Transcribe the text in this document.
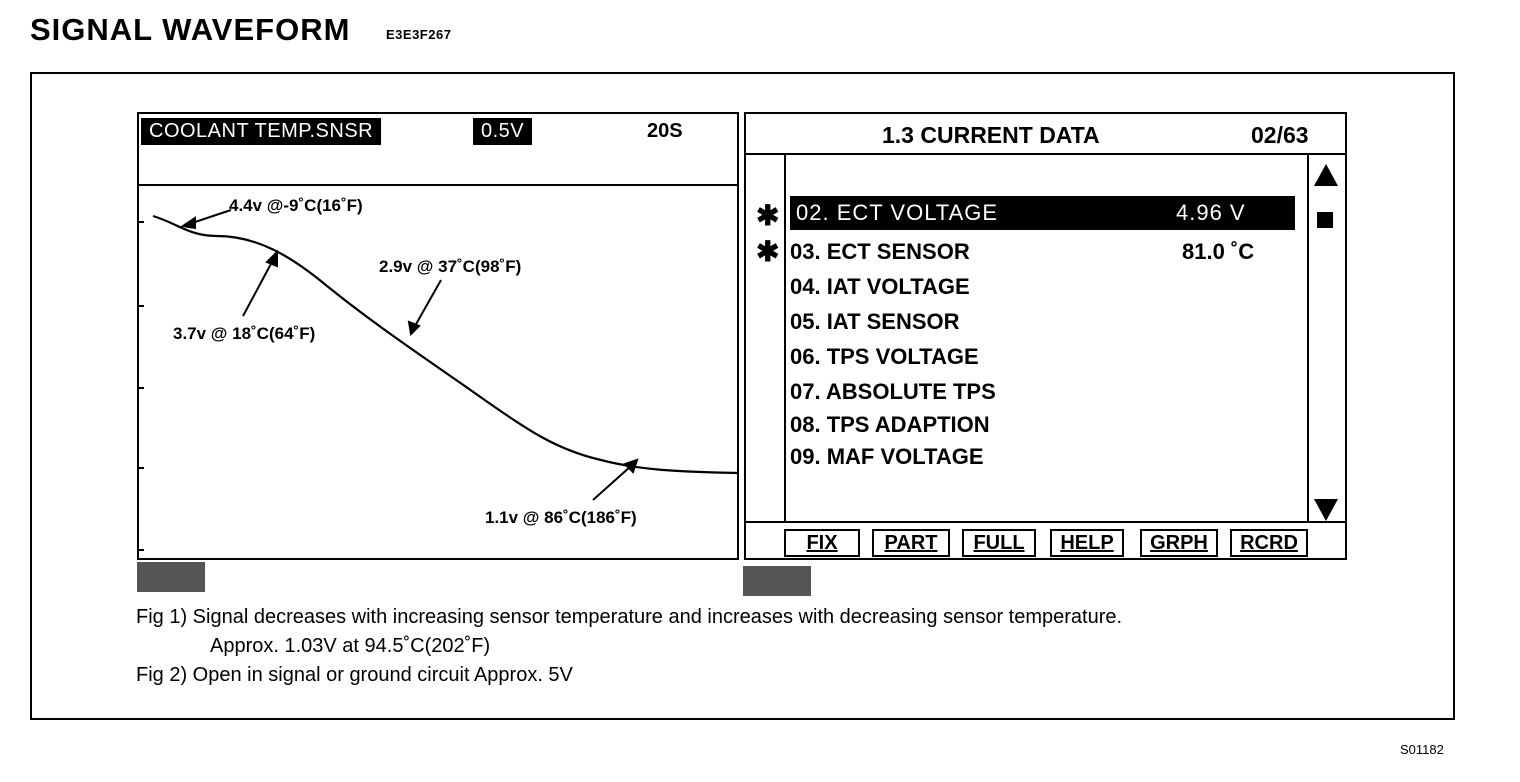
SIGNAL WAVEFORM	E3E3F267
COOLANT TEMP.SNSR	0.5V	20S
4.4v @-9˚C(16˚F)
3.7v @ 18˚C(64˚F)
2.9v @ 37˚C(98˚F)
1.1v @ 86˚C(186˚F)
1.3 CURRENT DATA	02/63
✱
✱
02. ECT VOLTAGE	4.96 V
03. ECT SENSOR	81.0 ˚C
04. IAT VOLTAGE
05. IAT SENSOR
06. TPS VOLTAGE
07. ABSOLUTE TPS
08. TPS ADAPTION
09. MAF VOLTAGE
FIX	PART	FULL	HELP	GRPH	RCRD
Fig 1) Signal decreases with increasing sensor temperature and increases with decreasing sensor temperature.
Approx. 1.03V at 94.5˚C(202˚F)
Fig 2) Open in signal or ground circuit Approx. 5V
S01182
